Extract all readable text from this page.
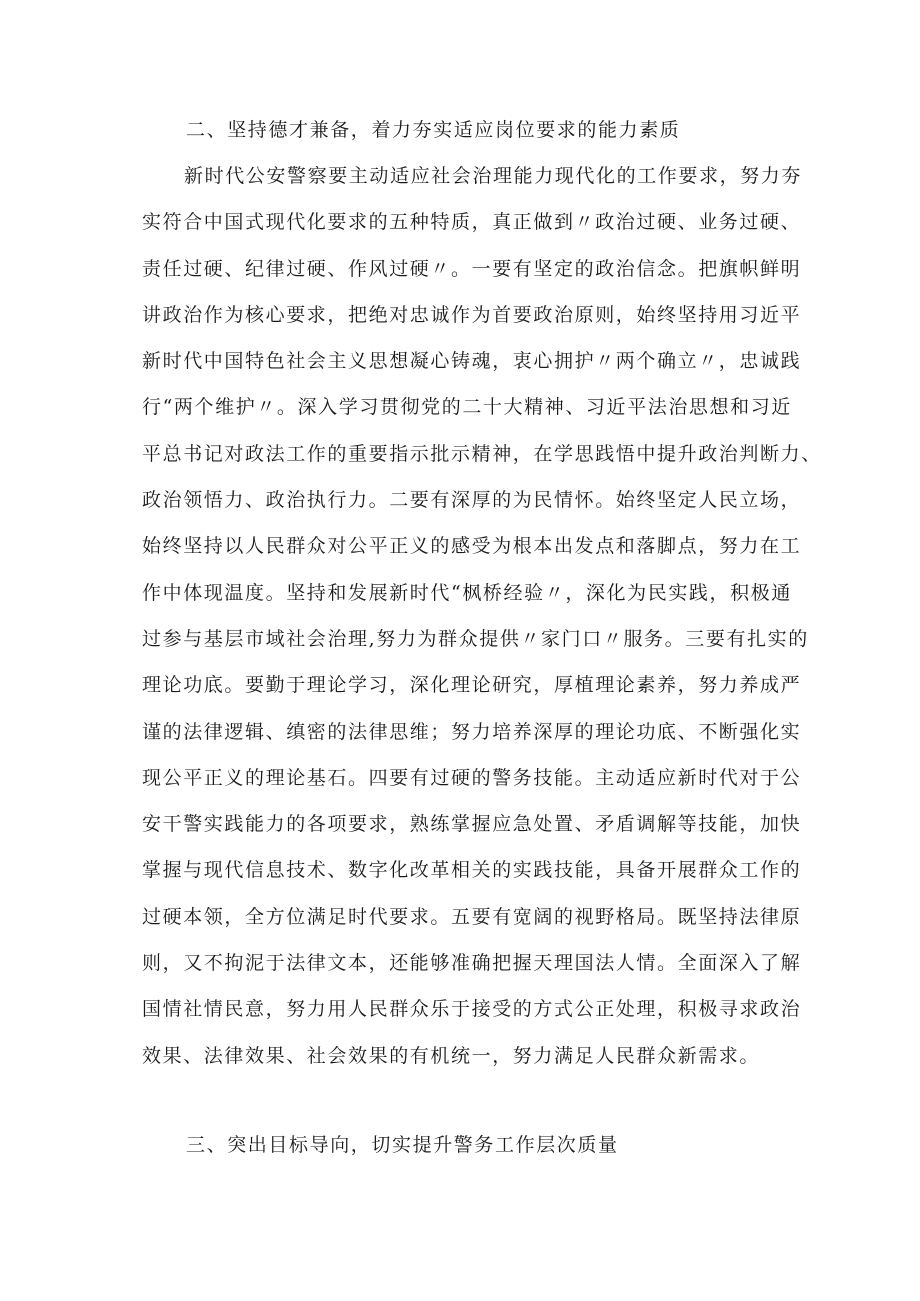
二、坚持德才兼备，着力夯实适应岗位要求的能力素质
新时代公安警察要主动适应社会治理能力现代化的工作要求，努力夯
实符合中国式现代化要求的五种特质，真正做到〃政治过硬、业务过硬、
责任过硬、纪律过硬、作风过硬〃。一要有坚定的政治信念。把旗帜鲜明
讲政治作为核心要求，把绝对忠诚作为首要政治原则，始终坚持用习近平
新时代中国特色社会主义思想凝心铸魂，衷心拥护〃两个确立〃，忠诚践
行“两个维护〃。深入学习贯彻党的二十大精神、习近平法治思想和习近
平总书记对政法工作的重要指示批示精神，在学思践悟中提升政治判断力、
政治领悟力、政治执行力。二要有深厚的为民情怀。始终坚定人民立场，
始终坚持以人民群众对公平正义的感受为根本出发点和落脚点，努力在工
作中体现温度。坚持和发展新时代“枫桥经验〃，深化为民实践，积极通
过参与基层市域社会治理,努力为群众提供〃家门口〃服务。三要有扎实的
理论功底。要勤于理论学习，深化理论研究，厚植理论素养，努力养成严
谨的法律逻辑、缜密的法律思维；努力培养深厚的理论功底、不断强化实
现公平正义的理论基石。四要有过硬的警务技能。主动适应新时代对于公
安干警实践能力的各项要求，熟练掌握应急处置、矛盾调解等技能，加快
掌握与现代信息技术、数字化改革相关的实践技能，具备开展群众工作的
过硬本领，全方位满足时代要求。五要有宽阔的视野格局。既坚持法律原
则，又不拘泥于法律文本，还能够准确把握天理国法人情。全面深入了解
国情社情民意，努力用人民群众乐于接受的方式公正处理，积极寻求政治
效果、法律效果、社会效果的有机统一，努力满足人民群众新需求。
三、突出目标导向，切实提升警务工作层次质量
